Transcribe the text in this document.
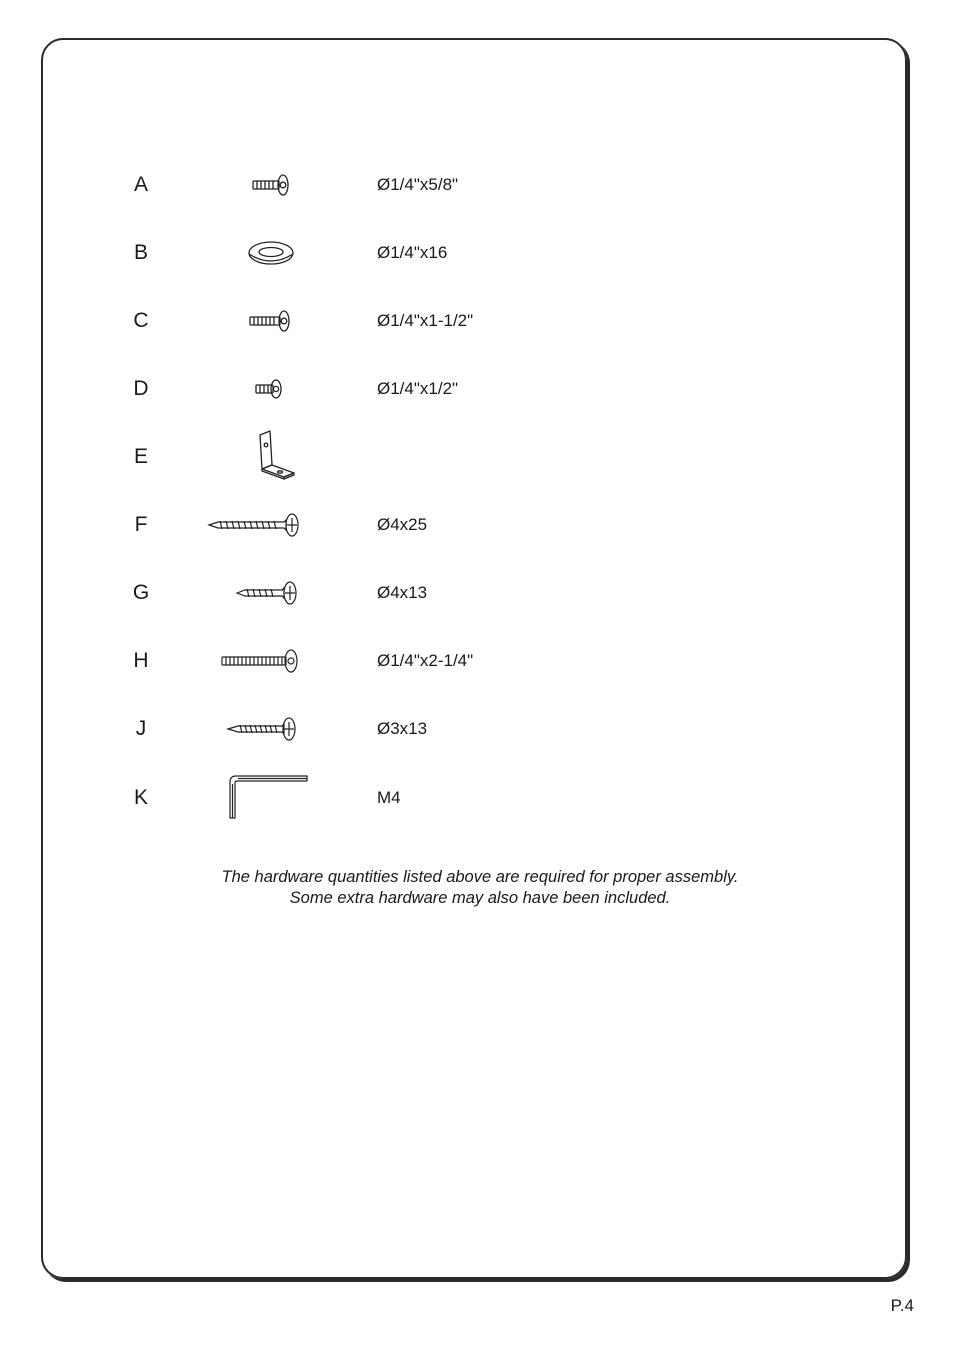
A	Ø1/4"x5/8"
B	Ø1/4"x16
C	Ø1/4"x1-1/2"
D	Ø1/4"x1/2"
E
F	Ø4x25
G	Ø4x13
H	Ø1/4"x2-1/4"
J	Ø3x13
K	M4
The hardware quantities listed above are required for proper assembly.
Some extra hardware may also have been included.
P.4
